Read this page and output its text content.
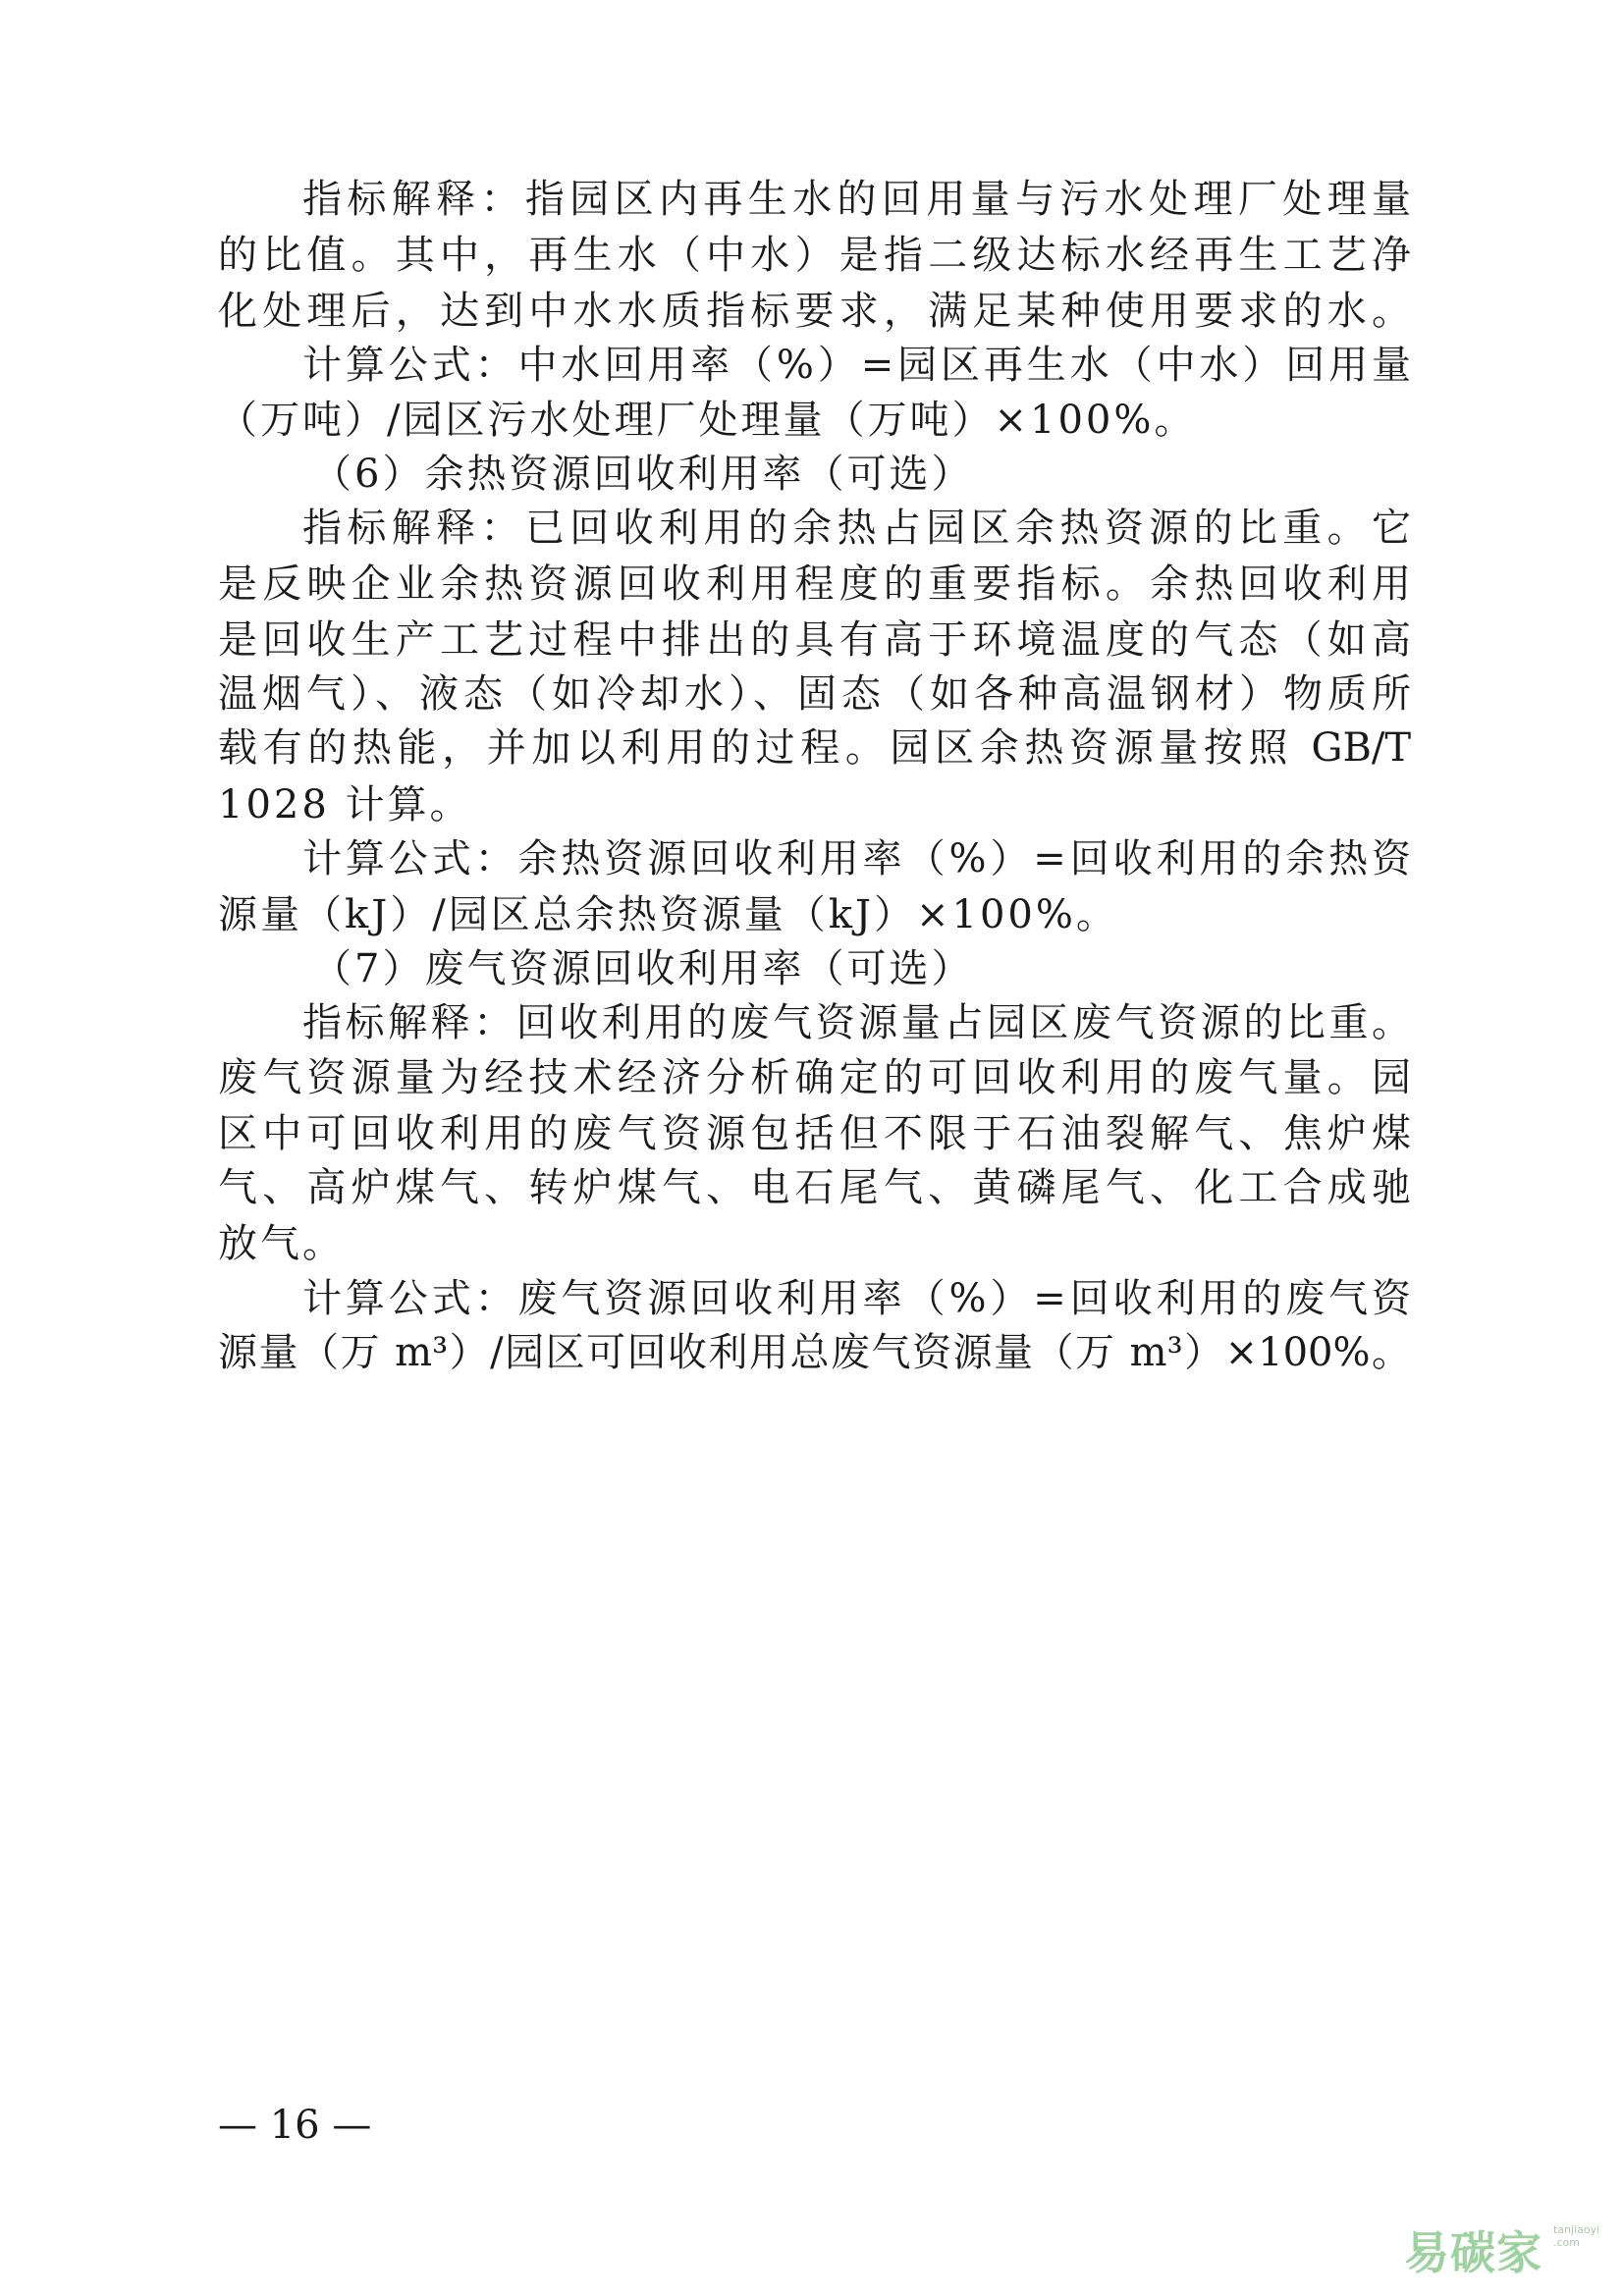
指标解释：指园区内再生水的回用量与污水处理厂处理量

的比值。其中，再生水（中水）是指二级达标水经再生工艺净

化处理后，达到中水水质指标要求，满足某种使用要求的水。

计算公式：中水回用率（%）=园区再生水（中水）回用量

（万吨）/园区污水处理厂处理量（万吨）×100%。

（6）余热资源回收利用率（可选）

指标解释：已回收利用的余热占园区余热资源的比重。它

是反映企业余热资源回收利用程度的重要指标。余热回收利用

是回收生产工艺过程中排出的具有高于环境温度的气态（如高

温烟气）、液态（如冷却水）、固态（如各种高温钢材）物质所

载有的热能，并加以利用的过程。园区余热资源量按照 GB/T

1028 计算。

计算公式：余热资源回收利用率（%）=回收利用的余热资

源量（kJ）/园区总余热资源量（kJ）×100%。

（7）废气资源回收利用率（可选）

指标解释：回收利用的废气资源量占园区废气资源的比重。

废气资源量为经技术经济分析确定的可回收利用的废气量。园

区中可回收利用的废气资源包括但不限于石油裂解气、焦炉煤

气、高炉煤气、转炉煤气、电石尾气、黄磷尾气、化工合成驰

放气。

计算公式：废气资源回收利用率（%）=回收利用的废气资

源量（万 m³）/园区可回收利用总废气资源量（万 m³）×100%。

— 16 —
易碳家 tanjiaoyi .com
